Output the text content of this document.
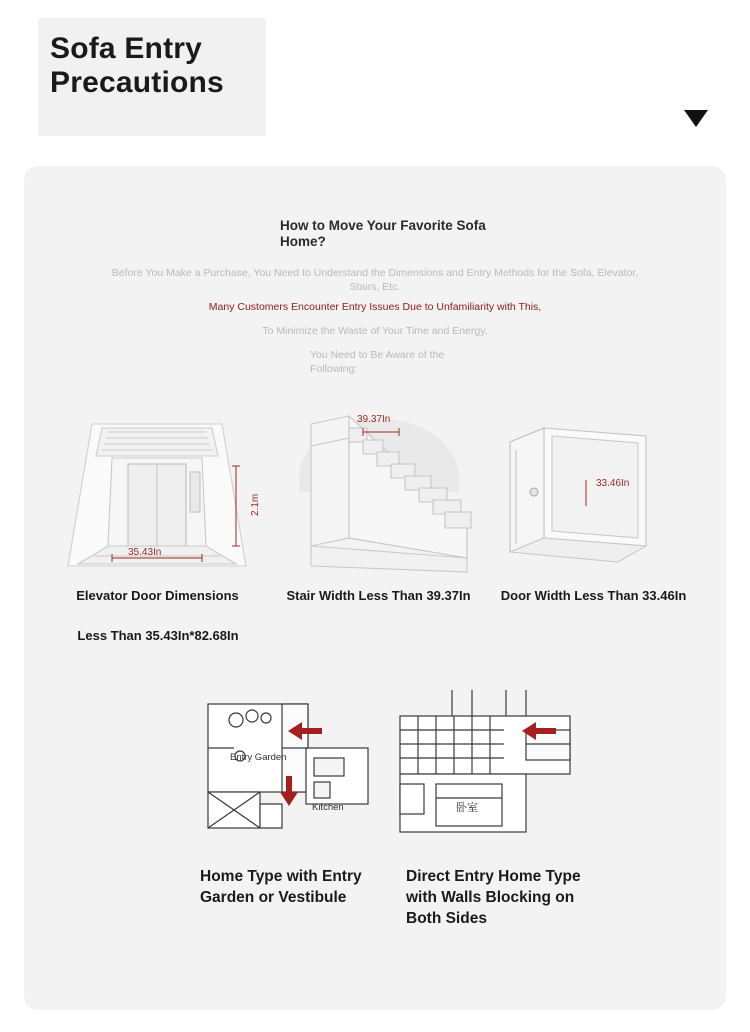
Sofa Entry Precautions
How to Move Your Favorite Sofa Home?
Before You Make a Purchase, You Need to Understand the Dimensions and Entry Methods for the Sofa, Elevator, Stairs, Etc.
Many Customers Encounter Entry Issues Due to Unfamiliarity with This,
To Minimize the Waste of Your Time and Energy,
You Need to Be Aware of the Following:
2.1m
35.43In
Elevator Door Dimensions
Less Than 35.43In*82.68In
39.37In
Stair Width Less Than 39.37In
33.46In
Door Width Less Than 33.46In
Entry Garden
Kitchen
Home Type with Entry Garden or Vestibule
卧室
Direct Entry Home Type with Walls Blocking on Both Sides
